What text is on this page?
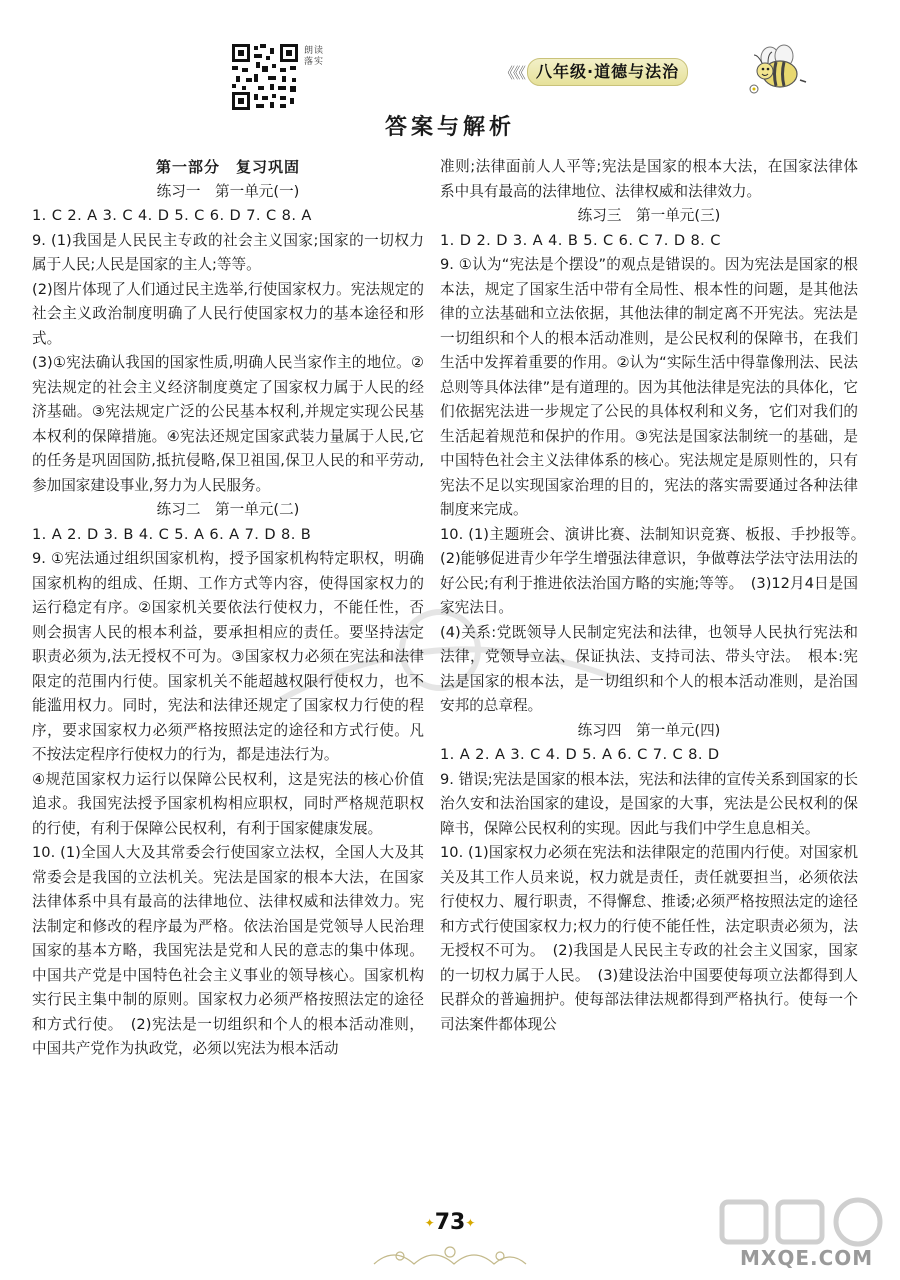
朗读
落实
《《《 八年级·道德与法治
答案与解析

第一部分　复习巩固

练习一　第一单元(一)

1. C 2. A 3. C 4. D 5. C 6. D 7. C 8. A

9. (1)我国是人民民主专政的社会主义国家;国家的一切权力属于人民;人民是国家的主人;等等。

(2)图片体现了人们通过民主选举,行使国家权力。宪法规定的社会主义政治制度明确了人民行使国家权力的基本途径和形式。

(3)①宪法确认我国的国家性质,明确人民当家作主的地位。②宪法规定的社会主义经济制度奠定了国家权力属于人民的经济基础。③宪法规定广泛的公民基本权利,并规定实现公民基本权利的保障措施。④宪法还规定国家武装力量属于人民,它的任务是巩固国防,抵抗侵略,保卫祖国,保卫人民的和平劳动,参加国家建设事业,努力为人民服务。

练习二　第一单元(二)

1. A 2. D 3. B 4. C 5. A 6. A 7. D 8. B

9. ①宪法通过组织国家机构，授予国家机构特定职权，明确国家机构的组成、任期、工作方式等内容，使得国家权力的运行稳定有序。②国家机关要依法行使权力，不能任性，否则会损害人民的根本利益，要承担相应的责任。要坚持法定职责必须为,法无授权不可为。③国家权力必须在宪法和法律限定的范围内行使。国家机关不能超越权限行使权力，也不能滥用权力。同时，宪法和法律还规定了国家权力行使的程序，要求国家权力必须严格按照法定的途径和方式行使。凡不按法定程序行使权力的行为，都是违法行为。

④规范国家权力运行以保障公民权利，这是宪法的核心价值追求。我国宪法授予国家机构相应职权，同时严格规范职权的行使，有利于保障公民权利，有利于国家健康发展。

10. (1)全国人大及其常委会行使国家立法权，全国人大及其常委会是我国的立法机关。宪法是国家的根本大法，在国家法律体系中具有最高的法律地位、法律权威和法律效力。宪法制定和修改的程序最为严格。依法治国是党领导人民治理国家的基本方略，我国宪法是党和人民的意志的集中体现。中国共产党是中国特色社会主义事业的领导核心。国家机构实行民主集中制的原则。国家权力必须严格按照法定的途径和方式行使。　(2)宪法是一切组织和个人的根本活动准则，中国共产党作为执政党，必须以宪法为根本活动

准则;法律面前人人平等;宪法是国家的根本大法，在国家法律体系中具有最高的法律地位、法律权威和法律效力。

练习三　第一单元(三)

1. D 2. D 3. A 4. B 5. C 6. C 7. D 8. C

9. ①认为“宪法是个摆设”的观点是错误的。因为宪法是国家的根本法，规定了国家生活中带有全局性、根本性的问题，是其他法律的立法基础和立法依据，其他法律的制定离不开宪法。宪法是一切组织和个人的根本活动准则，是公民权利的保障书，在我们生活中发挥着重要的作用。②认为“实际生活中得靠像刑法、民法总则等具体法律”是有道理的。因为其他法律是宪法的具体化，它们依据宪法进一步规定了公民的具体权利和义务，它们对我们的生活起着规范和保护的作用。③宪法是国家法制统一的基础，是中国特色社会主义法律体系的核心。宪法规定是原则性的，只有宪法不足以实现国家治理的目的，宪法的落实需要通过各种法律制度来完成。

10. (1)主题班会、演讲比赛、法制知识竞赛、板报、手抄报等。　(2)能够促进青少年学生增强法律意识，争做尊法学法守法用法的好公民;有利于推进依法治国方略的实施;等等。　(3)12月4日是国家宪法日。

(4)关系:党既领导人民制定宪法和法律，也领导人民执行宪法和法律，党领导立法、保证执法、支持司法、带头守法。　根本:宪法是国家的根本法，是一切组织和个人的根本活动准则，是治国安邦的总章程。

练习四　第一单元(四)

1. A 2. A 3. C 4. D 5. A 6. C 7. C 8. D

9. 错误;宪法是国家的根本法，宪法和法律的宣传关系到国家的长治久安和法治国家的建设，是国家的大事，宪法是公民权利的保障书，保障公民权利的实现。因此与我们中学生息息相关。

10. (1)国家权力必须在宪法和法律限定的范围内行使。对国家机关及其工作人员来说，权力就是责任，责任就要担当，必须依法行使权力、履行职责，不得懈怠、推诿;必须严格按照法定的途径和方式行使国家权力;权力的行使不能任性，法定职责必须为，法无授权不可为。　(2)我国是人民民主专政的社会主义国家，国家的一切权力属于人民。　(3)建设法治中国要使每项立法都得到人民群众的普遍拥护。使每部法律法规都得到严格执行。使每一个司法案件都体现公

✦73✦
MXQE.COM
